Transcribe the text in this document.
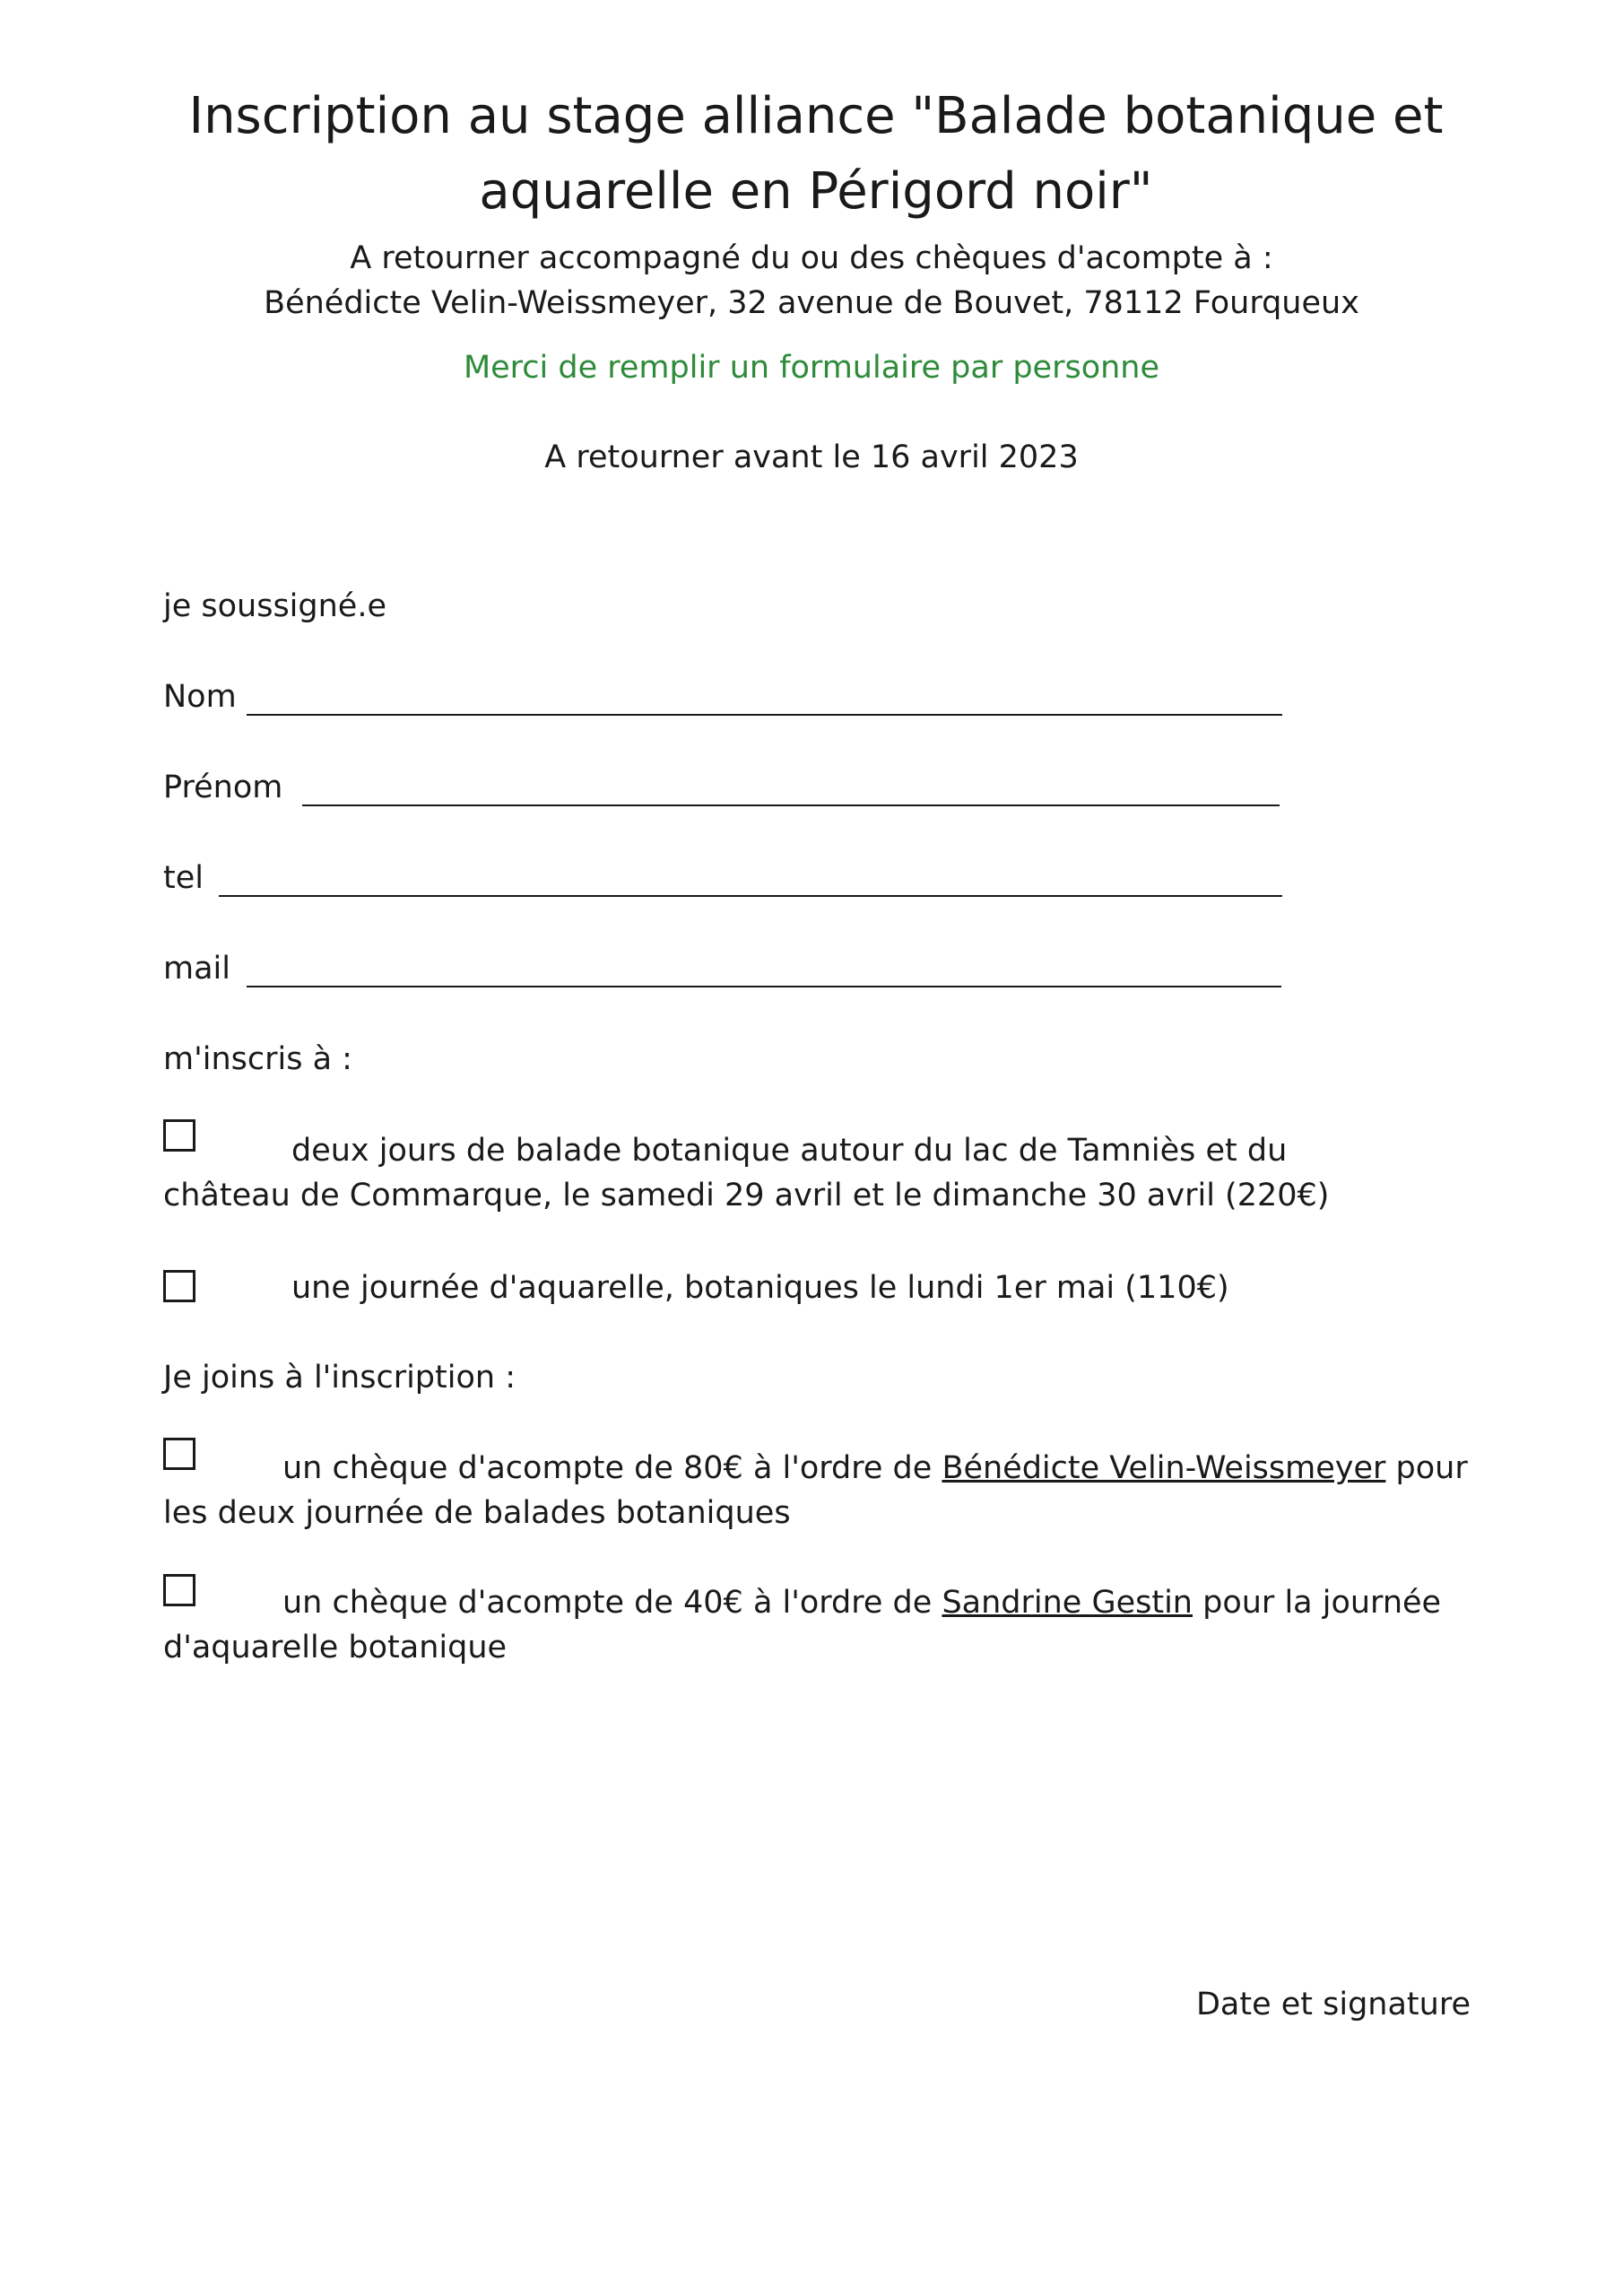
Inscription au stage alliance "Balade botanique et
aquarelle en Périgord noir"
A retourner accompagné du ou des chèques d'acompte à :
Bénédicte Velin-Weissmeyer, 32 avenue de Bouvet, 78112 Fourqueux
Merci de remplir un formulaire par personne
A retourner avant le 16 avril 2023
je soussigné.e
Nom
Prénom
tel
mail
m'inscris à :
deux jours de balade botanique autour du lac de Tamniès et du
château de Commarque, le samedi 29 avril et le dimanche 30 avril (220€)
une journée d'aquarelle, botaniques le lundi 1er mai (110€)
Je joins à l'inscription :
un chèque d'acompte de 80€ à l'ordre de Bénédicte Velin-Weissmeyer pour
les deux journée de balades botaniques
un chèque d'acompte de 40€ à l'ordre de Sandrine Gestin pour la journée
d'aquarelle botanique
Date et signature
